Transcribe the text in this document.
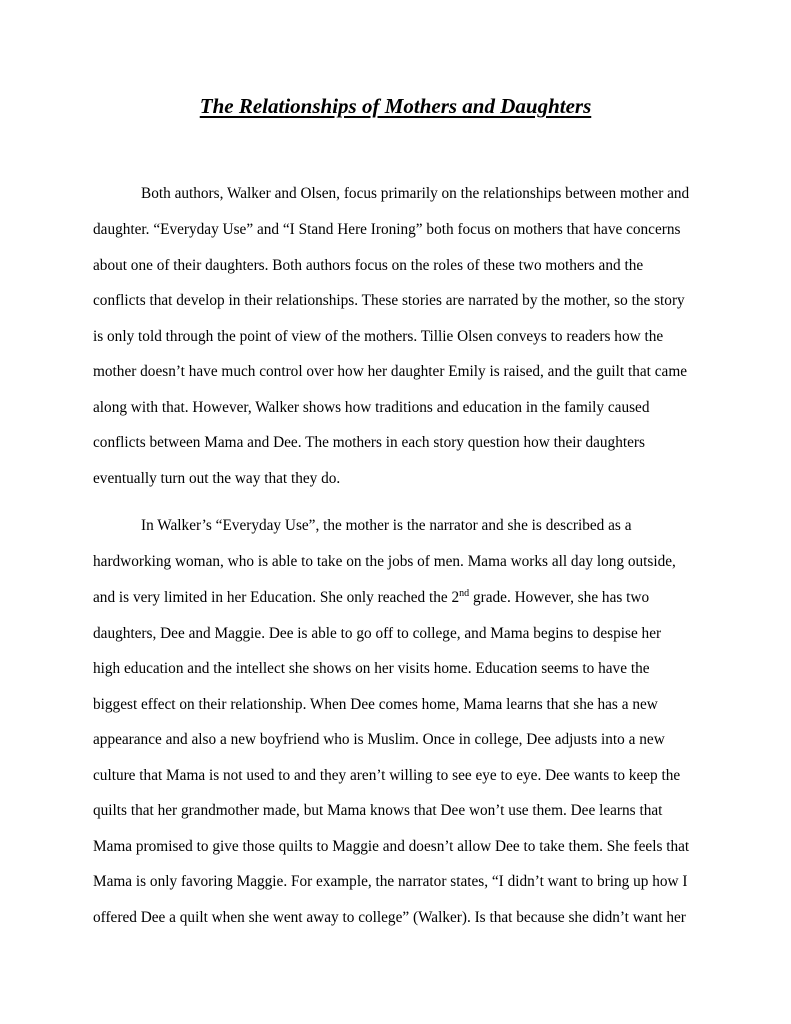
The Relationships of Mothers and Daughters

Both authors, Walker and Olsen, focus primarily on the relationships between mother and

daughter. “Everyday Use” and “I Stand Here Ironing” both focus on mothers that have concerns

about one of their daughters. Both authors focus on the roles of these two mothers and the

conflicts that develop in their relationships. These stories are narrated by the mother, so the story

is only told through the point of view of the mothers. Tillie Olsen conveys to readers how the

mother doesn’t have much control over how her daughter Emily is raised, and the guilt that came

along with that. However, Walker shows how traditions and education in the family caused

conflicts between Mama and Dee. The mothers in each story question how their daughters

eventually turn out the way that they do.

In Walker’s “Everyday Use”, the mother is the narrator and she is described as a

hardworking woman, who is able to take on the jobs of men. Mama works all day long outside,

and is very limited in her Education. She only reached the 2nd grade. However, she has two

daughters, Dee and Maggie. Dee is able to go off to college, and Mama begins to despise her

high education and the intellect she shows on her visits home. Education seems to have the

biggest effect on their relationship. When Dee comes home, Mama learns that she has a new

appearance and also a new boyfriend who is Muslim. Once in college, Dee adjusts into a new

culture that Mama is not used to and they aren’t willing to see eye to eye. Dee wants to keep the

quilts that her grandmother made, but Mama knows that Dee won’t use them. Dee learns that

Mama promised to give those quilts to Maggie and doesn’t allow Dee to take them. She feels that

Mama is only favoring Maggie. For example, the narrator states, “I didn’t want to bring up how I

offered Dee a quilt when she went away to college” (Walker). Is that because she didn’t want her
